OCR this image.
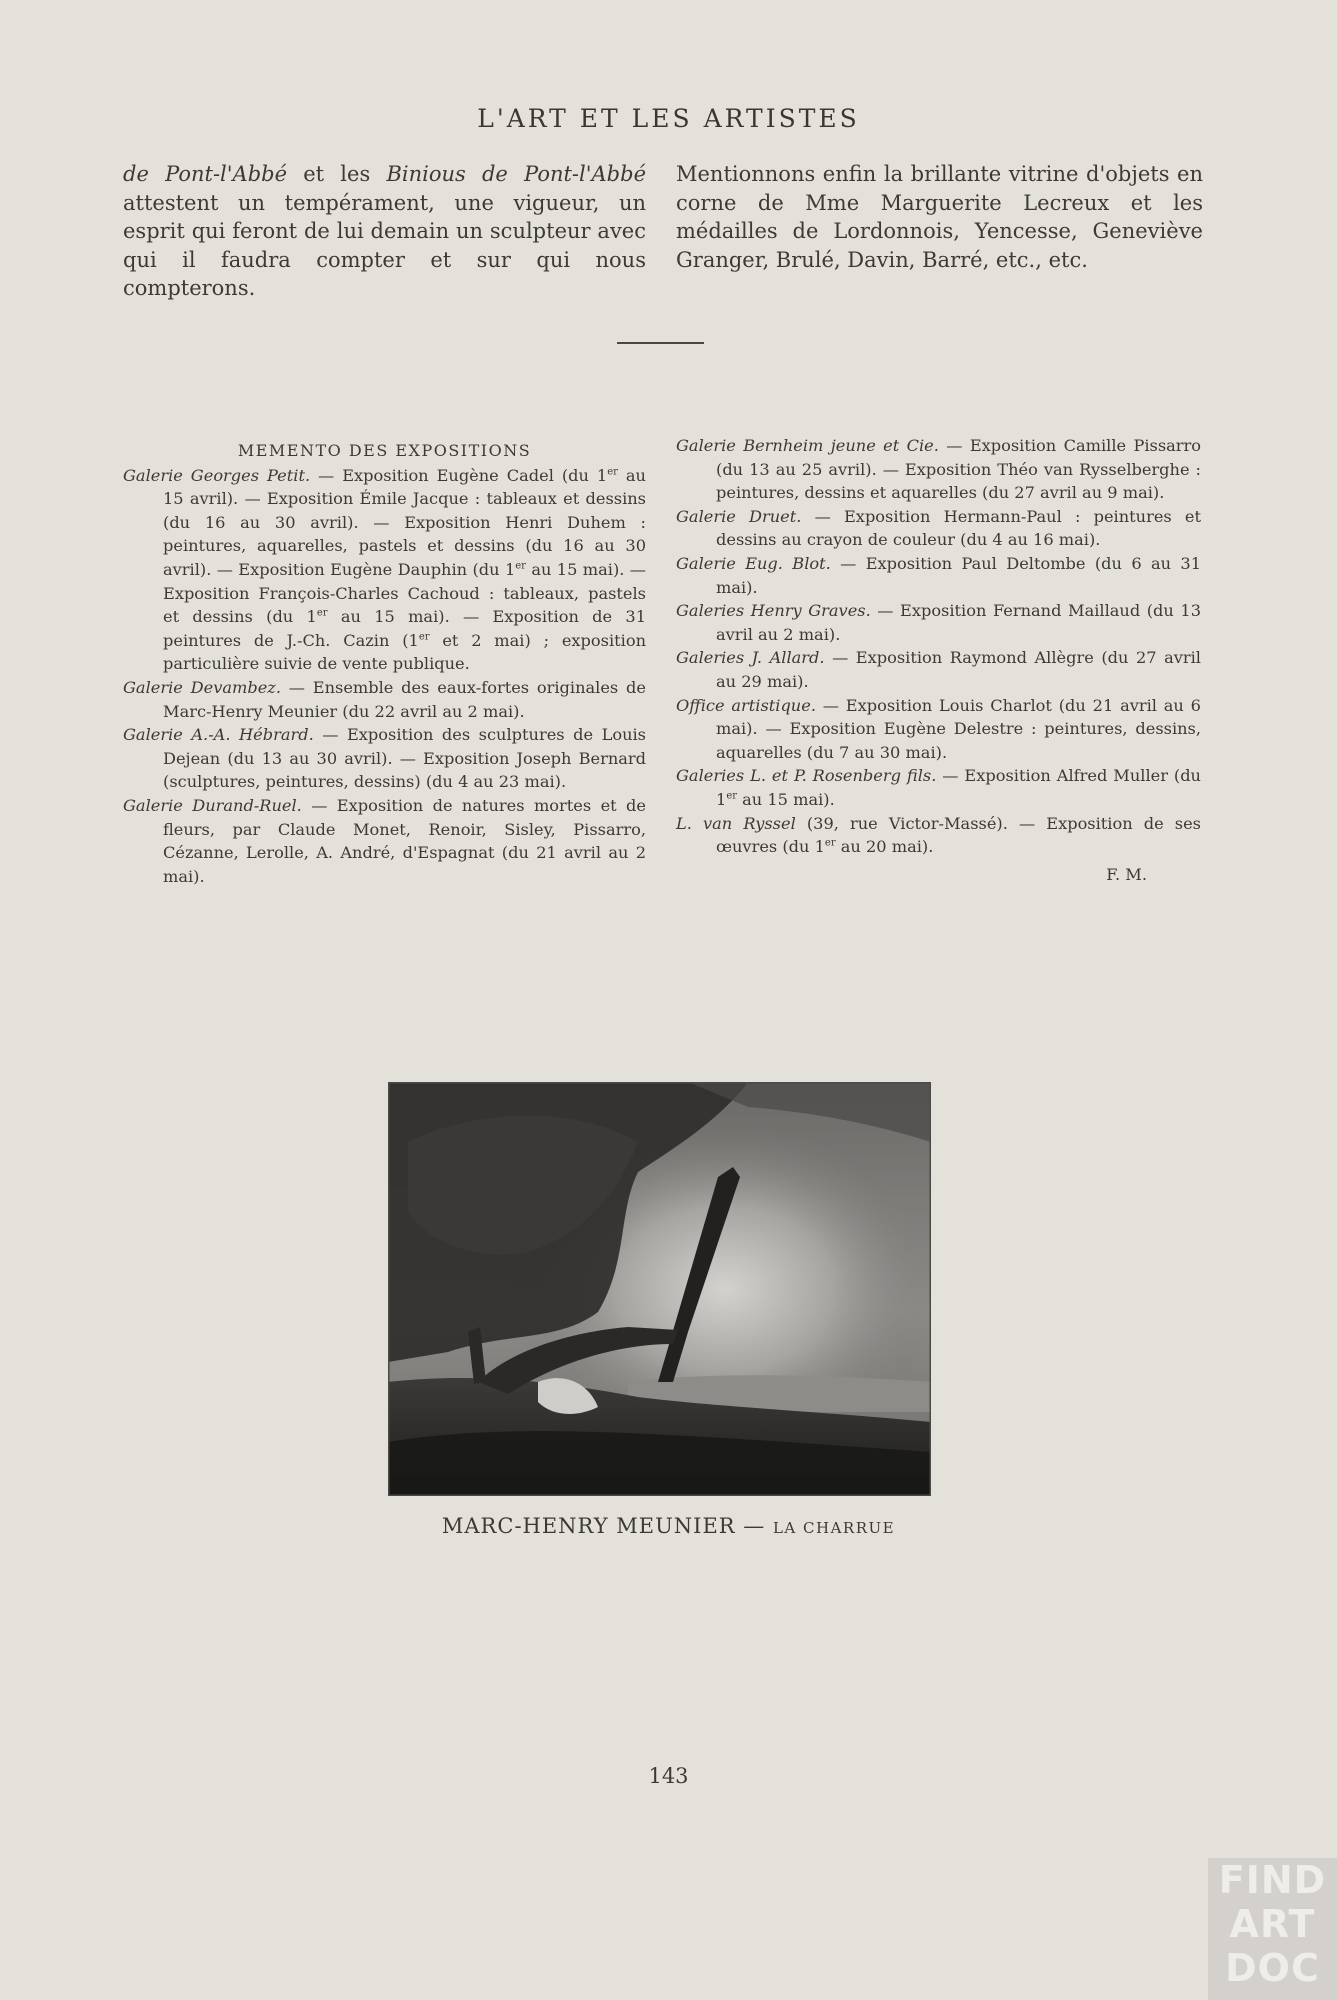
L'ART ET LES ARTISTES
de Pont-l'Abbé et les Binious de Pont-l'Abbé attestent un tempérament, une vigueur, un esprit qui feront de lui demain un sculpteur avec qui il faudra compter et sur qui nous compterons.
Mentionnons enfin la brillante vitrine d'objets en corne de Mme Marguerite Lecreux et les médailles de Lordonnois, Yencesse, Geneviève Granger, Brulé, Davin, Barré, etc., etc.
MEMENTO DES EXPOSITIONS
Galerie Georges Petit. — Exposition Eugène Cadel (du 1er au 15 avril). — Exposition Émile Jacque : tableaux et dessins (du 16 au 30 avril). — Exposition Henri Duhem : peintures, aquarelles, pastels et dessins (du 16 au 30 avril). — Exposition Eugène Dauphin (du 1er au 15 mai). — Exposition François-Charles Cachoud : tableaux, pastels et dessins (du 1er au 15 mai). — Exposition de 31 peintures de J.-Ch. Cazin (1er et 2 mai) ; exposition particulière suivie de vente publique.
Galerie Devambez. — Ensemble des eaux-fortes originales de Marc-Henry Meunier (du 22 avril au 2 mai).
Galerie A.-A. Hébrard. — Exposition des sculptures de Louis Dejean (du 13 au 30 avril). — Exposition Joseph Bernard (sculptures, peintures, dessins) (du 4 au 23 mai).
Galerie Durand-Ruel. — Exposition de natures mortes et de fleurs, par Claude Monet, Renoir, Sisley, Pissarro, Cézanne, Lerolle, A. André, d'Espagnat (du 21 avril au 2 mai).
Galerie Bernheim jeune et Cie. — Exposition Camille Pissarro (du 13 au 25 avril). — Exposition Théo van Rysselberghe : peintures, dessins et aquarelles (du 27 avril au 9 mai).
Galerie Druet. — Exposition Hermann-Paul : peintures et dessins au crayon de couleur (du 4 au 16 mai).
Galerie Eug. Blot. — Exposition Paul Deltombe (du 6 au 31 mai).
Galeries Henry Graves. — Exposition Fernand Maillaud (du 13 avril au 2 mai).
Galeries J. Allard. — Exposition Raymond Allègre (du 27 avril au 29 mai).
Office artistique. — Exposition Louis Charlot (du 21 avril au 6 mai). — Exposition Eugène Delestre : peintures, dessins, aquarelles (du 7 au 30 mai).
Galeries L. et P. Rosenberg fils. — Exposition Alfred Muller (du 1er au 15 mai).
L. van Ryssel (39, rue Victor-Massé). — Exposition de ses œuvres (du 1er au 20 mai).
F. M.
MARC-HENRY MEUNIER — LA CHARRUE
143
FIND
ART
DOC
